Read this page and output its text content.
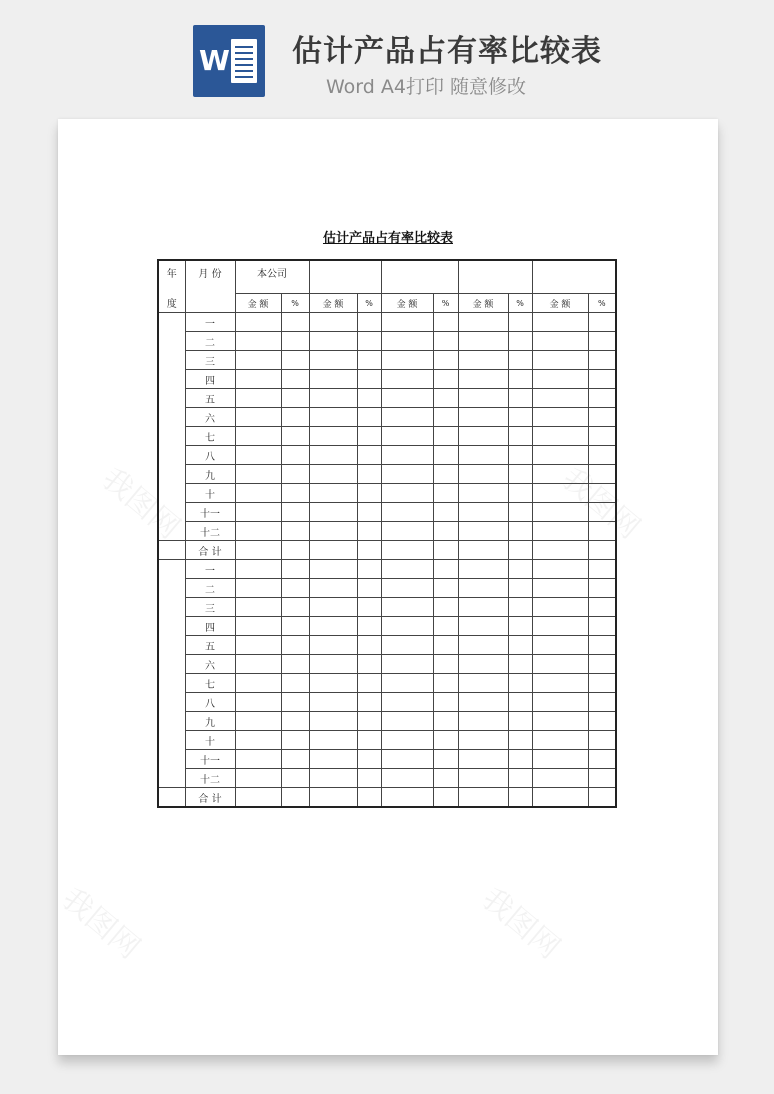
W 估计产品占有率比较表
Word A4打印 随意修改
我图网	我图网
我图网	我图网
估计产品占有率比较表
年
度	月 份	本公司									
		金 额	%	金 额	%	金 额	%	金 额	%	金 额	%
	一										
	二										
	三										
	四										
	五										
	六										
	七										
	八										
	九										
	十										
	十一										
	十二										
	合 计										
	一										
	二										
	三										
	四										
	五										
	六										
	七										
	八										
	九										
	十										
	十一										
	十二										
	合 计										
